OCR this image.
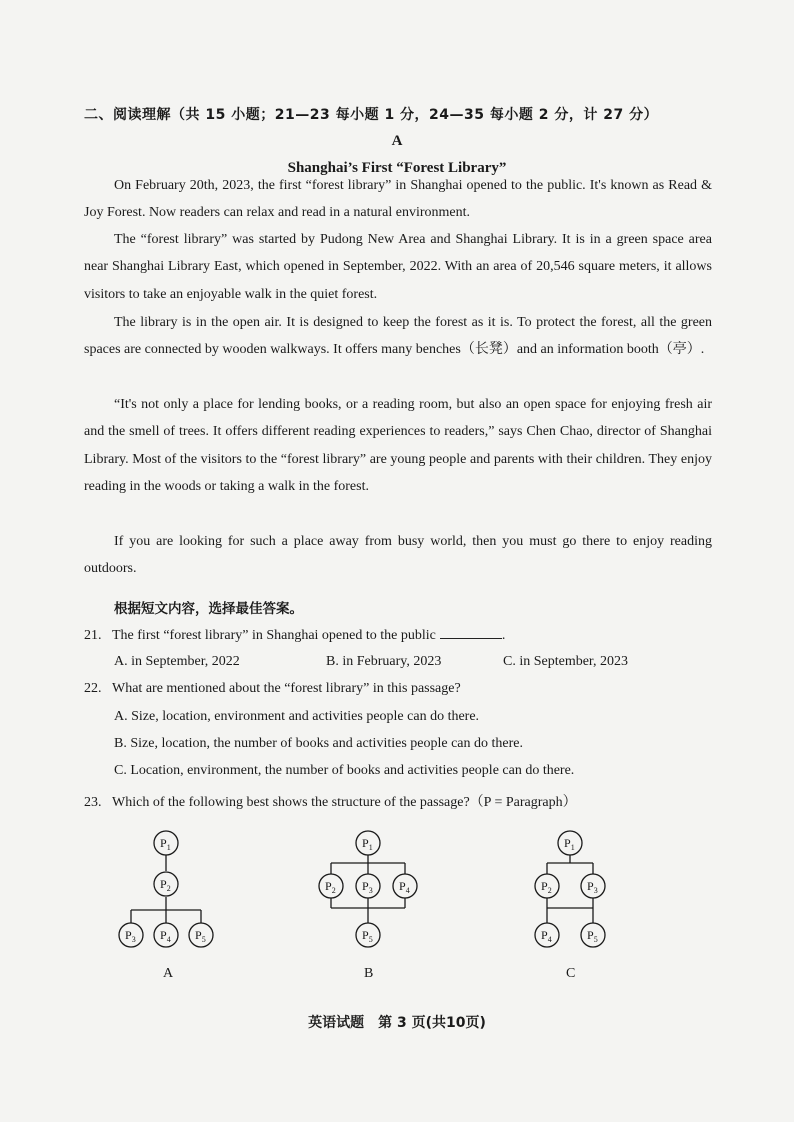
二、阅读理解（共 15 小题；21—23 每小题 1 分，24—35 每小题 2 分，计 27 分）
A
Shanghai’s First “Forest Library”

On February 20th, 2023, the first “forest library” in Shanghai opened to the public. It's known as Read & Joy Forest. Now readers can relax and read in a natural environment.

The “forest library” was started by Pudong New Area and Shanghai Library. It is in a green space area near Shanghai Library East, which opened in September, 2022. With an area of 20,546 square meters, it allows visitors to take an enjoyable walk in the quiet forest.

The library is in the open air. It is designed to keep the forest as it is. To protect the forest, all the green spaces are connected by wooden walkways. It offers many benches（长凳）and an information booth（亭）.

“It's not only a place for lending books, or a reading room, but also an open space for enjoying fresh air and the smell of trees. It offers different reading experiences to readers,” says Chen Chao, director of Shanghai Library. Most of the visitors to the “forest library” are young people and parents with their children. They enjoy reading in the woods or taking a walk in the forest.

If you are looking for such a place away from busy world, then you must go there to enjoy reading outdoors.

根据短文内容，选择最佳答案。
21. The first “forest library” in Shanghai opened to the public	.
A. in September, 2022	B. in February, 2023	C. in September, 2023
22. What are mentioned about the “forest library” in this passage?
A. Size, location, environment and activities people can do there.
B. Size, location, the number of books and activities people can do there.
C. Location, environment, the number of books and activities people can do there.
23. Which of the following best shows the structure of the passage?（P = Paragraph）
$P_1$
$P_2$
$P_3$ $P_4$ $P_5$
A
$P_1$
$P_2$ $P_3$ $P_4$
$P_5$
B
$P_1$
$P_2$	$P_3$
$P_4$	$P_5$
C
英语试题　第 3 页(共10页)
